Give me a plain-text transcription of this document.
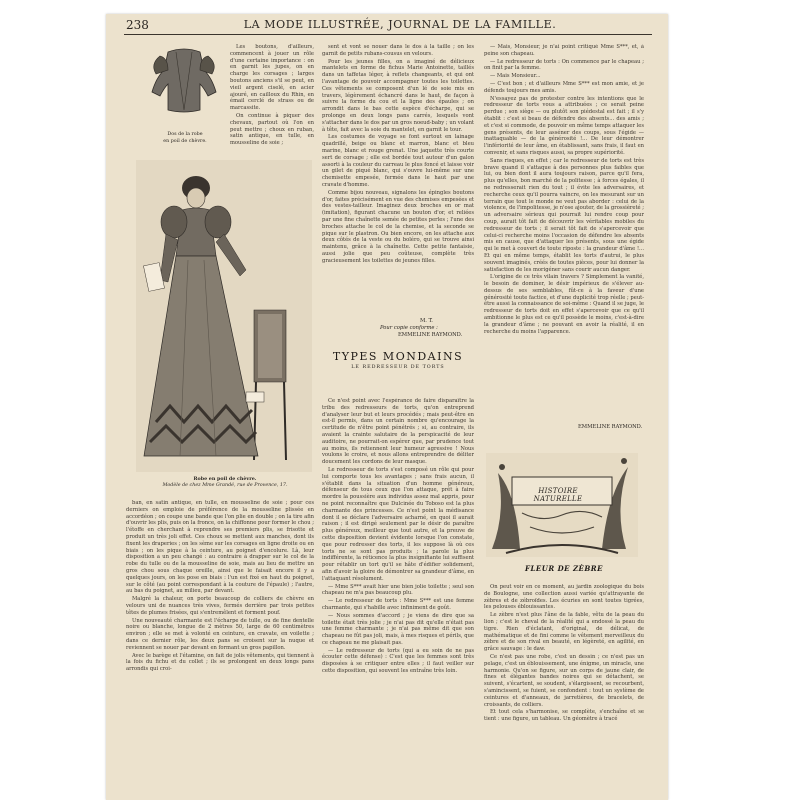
238	LA MODE ILLUSTRÉE, JOURNAL DE LA FAMILLE.
Dos de la robe
en poil de chèvre.
Robe en poil de chèvre.
Modèle de chez Mme Grandé, rue de Provence, 17.

Les boutons, d'ailleurs, commencent à jouer un rôle d'une certaine importance : on en garnit les jupes, on en charge les corsages ; larges boutons anciens s'il se peut, en vieil argent ciselé, en acier ajouré, en cailloux du Rhin, en émail cerclé de strass ou de marcassite.

On continue à piquer des chevaux, partout où l'on en peut mettre ; choux en ruban, satin antique, en tulle, en mousseline de soie ;

ban, en satin antique, en tulle, en mousseline de soie ; pour ces derniers on emploie de préférence de la mousseline plissée en accordéon ; on coupe une bande que l'on plie en double ; on la tire afin d'ouvrir les plis, puis on la fronce, on la chiffonne pour former le chou ; l'étoffe en cherchant à reprendre ses premiers plis, se frisotte et produit un très joli effet. Ces choux se mettent aux manches, dont ils fixent les draperies ; on les sème sur les corsages en ligne droite ou en biais ; on les pique à la ceinture, au poignet d'encolure. Là, leur disposition a un peu changé : au contraire à drapper sur le col de la robe du tulle ou de la mousseline de soie, mais au lieu de mettre un gros chou sous chaque oreille, ainsi que le faisait encore il y a quelques jours, on les pose en biais : l'un est fixé en haut du poignet, sur le côté (au point correspondant à la couture de l'épaule) ; l'autre, au bas du poignet, au milieu, par devant.

Malgré la chaleur, on porte beaucoup de colliers de chèvre en velours uni de nuances très vives, fermés derrière par trois petites têtes de plumes frisées, qui s'entremêlent et forment pouf.

Une nouveauté charmante est l'écharpe de tulle, ou de fine dentelle noire ou blanche, longue de 2 mètres 50, large de 60 centimètres environ ; elle se met à volonté en ceinture, en cravate, en voilette ; dans ce dernier rôle, les deux pans se croisent sur la nuque et reviennent se nouer par devant en formant un gros papillon.

Avec le barège et l'étamine, on fait de jolis vêtements, qui tiennent à la fois du fichu et du collet ; ils se prolongent en deux longs pans arrondis qui croi-

sent et vont se nouer dans le dos à la taille ; on les garnit de petits rubans-cousus en velours.

Pour les jeunes filles, on a imaginé de délicieux mantelets en forme de fichus Marie Antoinette, taillés dans un taffetas léger, à reflets changeants, et qui ont l'avantage de pouvoir accompagner toutes les toilettes. Ces vêtements se composent d'un lé de soie mis en travers, légèrement échancré dans le haut, de façon à suivre la forme du cou et la ligne des épaules ; on arrondit dans le bas cette espèce d'écharpe, qui se prolonge en deux longs pans carrés, lesquels vont s'attacher dans le dos par un gros noeud-baby ; un volant à tête, fait avec la soie du mantelet, en garnit le tour.

Les costumes de voyage se font surtout en lainage quadrillé, beige ou blanc et marron, blanc et bleu marine, blanc et rouge grenat. Une jaquette très courte sert de corsage ; elle est bordée tout autour d'un galon assorti à la couleur du carreau le plus foncé et laisse voir un gilet de piqué blanc, qui s'ouvre lui-même sur une chemisette empesée, fermée dans le haut par une cravate d'homme.

Comme bijou nouveau, signalons les épingles boutons d'or, faites précisément en vue des chemises empesées et des vestes-tailleur. Imaginez deux broches en or mat (imitation), figurant chacune un bouton d'or, et reliées par une fine chaînette semée de petites perles ; l'une des broches attache le col de la chemise, et la seconde se pique sur le plastron. Ou bien encore, on les attache aux deux côtés de la veste ou du boléro, qui se trouve ainsi maintenu, grâce à la chaînette. Cette petite fantaisie, aussi jolie que peu coûteuse, complète très gracieusement les toilettes de jeunes filles.

M. T.
Pour copie conforme :
EMMELINE RAYMOND.
TYPES MONDAINS
LE REDRESSEUR DE TORTS

Ce n'est point avec l'espérance de faire disparaître la tribu des redresseurs de torts, qu'on entreprend d'analyser leur but et leurs procédés ; mais peut-être en est-il permis, dans un certain nombre qu'encourage la certitude de n'être point pénétrés ; si, au contraire, ils avaient la crainte salutaire de la perspicacité de leur auditoire, ne pourrait-on espérer que, par prudence tout au moins, ils retiennent leur humeur agressive ! Nous voulons le croire, et nous allons entreprendre de déliter doucement les cordons de leur masque.

Le redresseur de torts s'est composé un rôle qui pour lui comporte tous les avantages ; sans frais aucun, il s'établit dans la situation d'un homme généreux, défenseur de tous ceux que l'on attaque, prêt à faire mordre la poussière aux individus assez mal appris, pour ne point reconnaître que Dulcinée du Toboso est la plus charmante des princesses. Ce n'est point la médisance dont il se déclare l'adversaire acharné, en quoi il aurait raison ; il est dirigé seulement par le désir de paraître plus généreux, meilleur que tout autre, et la preuve de cette disposition devient évidente lorsque l'on constate, que pour redresser des torts, il les suppose là où ces torts ne se sont pas produits ; la parole la plus indifférente, la réticence la plus insignifiante lui suffisent pour rétablir un tort qu'il se hâte d'édifier solidement, afin d'avoir la gloire de démontrer sa grandeur d'âme, en l'attaquant résolument.

— Mme S*** avait hier une bien jolie toilette ; seul son chapeau ne m'a pas beaucoup plu.

— Le redresseur de torts : Mme S*** est une femme charmante, qui s'habille avec infiniment de goût.

— Nous sommes d'accord ; je viens de dire que sa toilette était très jolie ; je n'ai pas dit qu'elle n'était pas une femme charmante ; je n'ai pas même dit que son chapeau ne fût pas joli, mais, à mes risques et périls, que ce chapeau ne me plaisait pas.

— Le redresseur de torts (qui a eu soin de ne pas écouter cette défense) : C'est que les femmes sont très disposées à se critiquer entre elles ; il faut veiller sur cette disposition, qui souvent les entraîne très loin.

— Mais, Monsieur, je n'ai point critiqué Mme S***, et, à peine son chapeau.

— Le redresseur de torts : On commence par le chapeau ; on finit par la femme.

— Mais Monsieur...

— C'est bon ; et d'ailleurs Mme S*** est mon amie, et je défends toujours mes amis.

N'essayez pas de protester contre les intentions que le redresseur de torts vous a attribuées ; ce serait peine perdue ; son siège — ou plutôt son piédestal est fait ; il s'y établit : c'est si beau de défendre des absents... des amis ; et c'est si commode, de pouvoir en même temps attaquer les gens présents, de leur asséner des coups, sous l'égide — inattaquable — de la générosité !... De leur démontrer l'infériorité de leur âme, en établissant, sans frais, il faut en convenir, et sans risques aussi, sa propre supériorité.

Sans risques, en effet ; car le redresseur de torts est très brave quand il s'attaque à des personnes plus faibles que lui, ou bien dont il aura toujours raison, parce qu'il fera, plus qu'elles, bon marché de la politesse ; à forces égales, il ne redresserait rien du tout ; il évite les adversaires, et recherche ceux qu'il pourra vaincre, on les mesurant sur un terrain que tout le monde ne veut pas aborder : celui de la violence, de l'impolitesse, je n'ose ajouter, de la grossièreté ; un adversaire sérieux qui pourrait lui rendre coup pour coup, aurait tôt fait de découvrir les véritables mobiles du redresseur de torts ; il serait tôt fait de s'apercevoir que celui-ci recherche moins l'occasion de défendre les absents mis en cause, que d'attaquer les présents, sous une égide qui le met à couvert de toute riposte : la grandeur d'âme !... Et qui en même temps, établit les torts d'autrui, le plus souvent imaginés, créés de toutes pièces, pour lui donner la satisfaction de les morigéner sans courir aucun danger.

L'origine de ce très vilain travers ? Simplement la vanité, le besoin de dominer, le désir impérieux de s'élever au-dessus de ses semblables, fût-ce à la faveur d'une générosité toute factice, et d'une duplicité trop réelle ; peut-être aussi la connaissance de soi-même : Quand il se juge, le redresseur de torts doit en effet s'apercevoir que ce qu'il ambitionne le plus est ce qu'il possède le moins, c'est-à-dire la grandeur d'âme ; ne pouvant en avoir la réalité, il en recherche du moins l'apparence.

EMMELINE RAYMOND.
HISTOIRE NATURELLE
FLEUR DE ZÈBRE

On peut voir en ce moment, au jardin zoologique du bois de Boulogne, une collection aussi variée qu'attrayante de zèbres et de zébroïdes. Les écuries en sont toutes tigrées, les pelouses éblouissantes.

Le zèbre n'est plus l'âne de la fable, vêtu de la peau du lion ; c'est le cheval de la réalité qui a endossé la peau du tigre. Rien d'éclatant, d'original, de délicat, de mathématique et de fini comme le vêtement merveilleux du zèbre et de son rival en beauté, en légèreté, en agilité, en grâce sauvage : le daw.

Ce n'est pas une robe, c'est un dessin ; ce n'est pas un pelage, c'est un éblouissement, une énigme, un miracle, une harmonie. Qu'on se figure, sur un corps de jaune clair, de fines et élégantes bandes noires qui se détachent, se suivent, s'écartent, se soudent, s'élargissent, se recourbent, s'amincissent, se fuient, se confondent : tout un système de ceintures et d'anneaux, de jarretières, de bracelets, de croissants, de colliers.

Et tout cela s'harmonise, se complète, s'enchaîne et se tient : une figure, un tableau. Un géomètre à tracé
